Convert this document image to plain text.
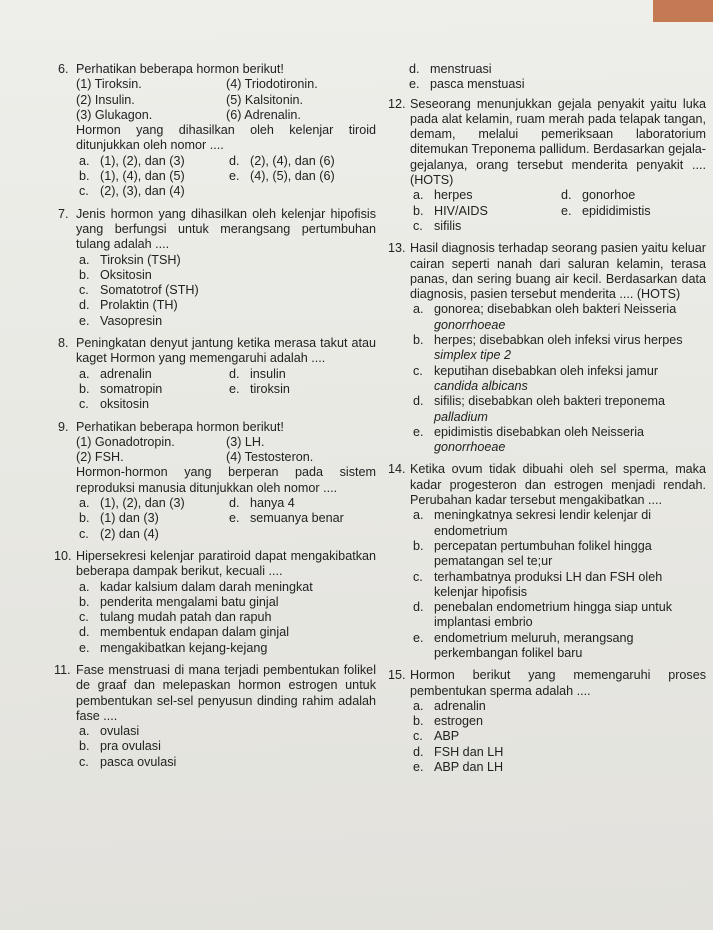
6. Perhatikan beberapa hormon berikut!
(1) Tiroksin.	(4) Triodotironin.
(2) Insulin.	(5) Kalsitonin.
(3) Glukagon.	(6) Adrenalin.
Hormon yang dihasilkan oleh kelenjar tiroid ditunjukkan oleh nomor ....
a. (1), (2), dan (3)	d. (2), (4), dan (6)
b. (1), (4), dan (5)	e. (4), (5), dan (6)
c. (2), (3), dan (4)
7. Jenis hormon yang dihasilkan oleh kelenjar hipofisis yang berfungsi untuk merangsang pertumbuhan tulang adalah ....
a. Tiroksin (TSH)
b. Oksitosin
c. Somatotrof (STH)
d. Prolaktin (TH)
e. Vasopresin
8. Peningkatan denyut jantung ketika merasa takut atau kaget Hormon yang memengaruhi adalah ....
a. adrenalin	d. insulin
b. somatropin	e. tiroksin
c. oksitosin
9. Perhatikan beberapa hormon berikut!
(1) Gonadotropin.	(3) LH.
(2) FSH.	(4) Testosteron.
Hormon-hormon yang berperan pada sistem reproduksi manusia ditunjukkan oleh nomor ....
a. (1), (2), dan (3)	d. hanya 4
b. (1) dan (3)	e. semuanya benar
c. (2) dan (4)
10. Hipersekresi kelenjar paratiroid dapat mengakibatkan beberapa dampak berikut, kecuali ....
a. kadar kalsium dalam darah meningkat
b. penderita mengalami batu ginjal
c. tulang mudah patah dan rapuh
d. membentuk endapan dalam ginjal
e. mengakibatkan kejang-kejang
11. Fase menstruasi di mana terjadi pembentukan folikel de graaf dan melepaskan hormon estrogen untuk pembentukan sel-sel penyusun dinding rahim adalah fase ....
a. ovulasi
b. pra ovulasi
c. pasca ovulasi
d. menstruasi
e. pasca menstuasi
12. Seseorang menunjukkan gejala penyakit yaitu luka pada alat kelamin, ruam merah pada telapak tangan, demam, melalui pemeriksaan laboratorium ditemukan Treponema pallidum. Berdasarkan gejala-gejalanya, orang tersebut menderita penyakit .... (HOTS)
a. herpes	d. gonorhoe
b. HIV/AIDS	e. epididimistis
c. sifilis
13. Hasil diagnosis terhadap seorang pasien yaitu keluar cairan seperti nanah dari saluran kelamin, terasa panas, dan sering buang air kecil. Berdasarkan data diagnosis, pasien tersebut menderita .... (HOTS)
a. gonorea; disebabkan oleh bakteri Neisseria
gonorrhoeae
b. herpes; disebabkan oleh infeksi virus herpes
simplex tipe 2
c. keputihan disebabkan oleh infeksi jamur
candida albicans
d. sifilis; disebabkan oleh bakteri treponema
palladium
e. epidimistis disebabkan oleh Neisseria
gonorrhoeae
14. Ketika ovum tidak dibuahi oleh sel sperma, maka kadar progesteron dan estrogen menjadi rendah. Perubahan kadar tersebut mengakibatkan ....
a. meningkatnya sekresi lendir kelenjar di endometrium
b. percepatan pertumbuhan folikel hingga pematangan sel te;ur
c. terhambatnya produksi LH dan FSH oleh kelenjar hipofisis
d. penebalan endometrium hingga siap untuk implantasi embrio
e. endometrium meluruh, merangsang perkembangan folikel baru
15. Hormon berikut yang memengaruhi proses pembentukan sperma adalah ....
a. adrenalin
b. estrogen
c. ABP
d. FSH dan LH
e. ABP dan LH
